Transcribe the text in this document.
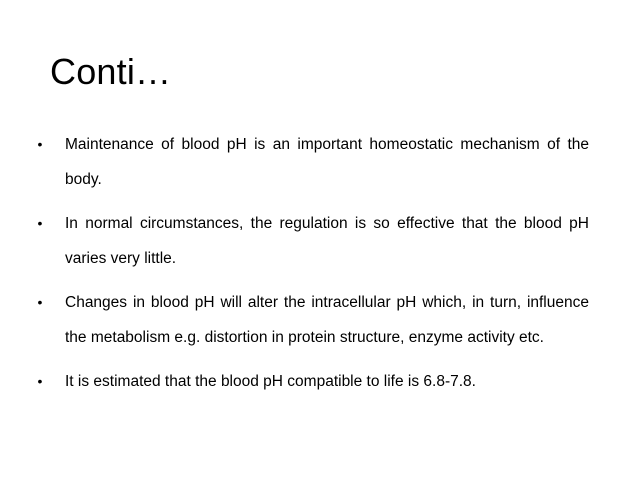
Conti…
•	Maintenance of blood pH is an important homeostatic mechanism of the body.
•	In normal circumstances, the regulation is so effective that the blood pH varies very little.
•	Changes in blood pH will alter the intracellular pH which, in turn, influence the metabolism e.g. distortion in protein structure, enzyme activity etc.
•	It is estimated that the blood pH compatible to life is 6.8-7.8.
